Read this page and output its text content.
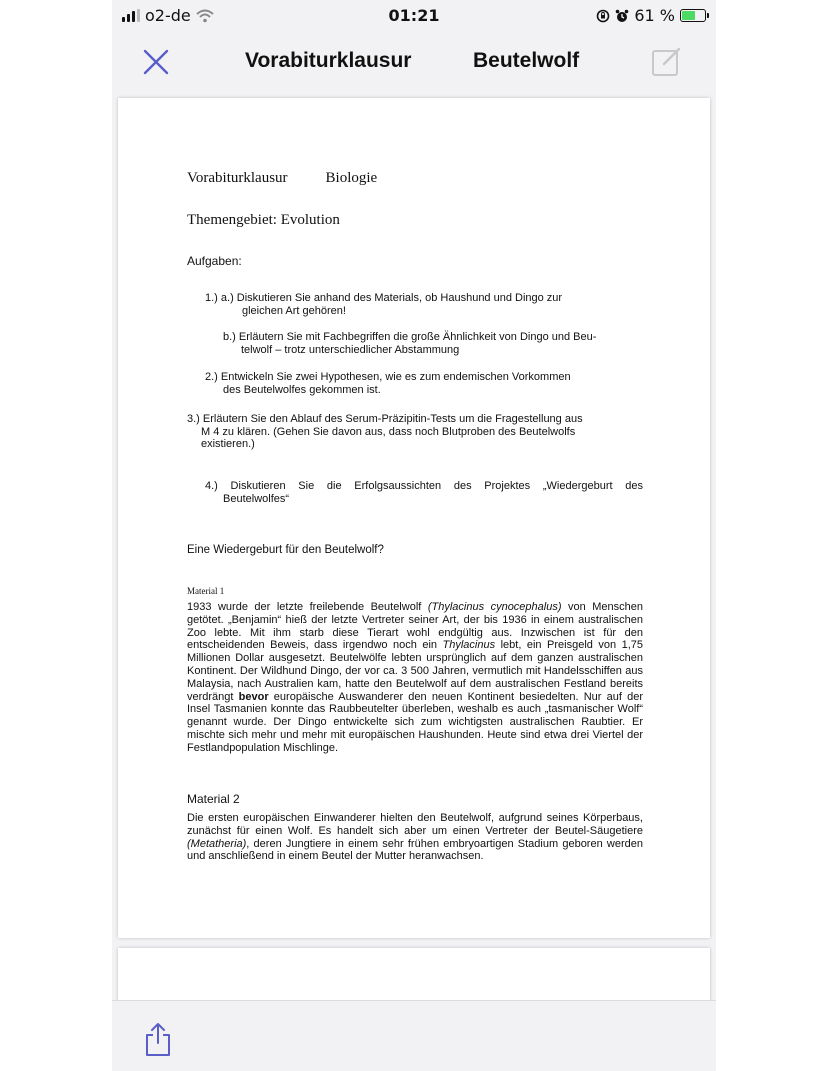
o2-de	01:21	61 %
Vorabiturklausur	Beutelwolf
Vorabiturklausur	Biologie
Themengebiet: Evolution
Aufgaben:
1.) a.) Diskutieren Sie anhand des Materials, ob Haushund und Dingo zur
gleichen Art gehören!
b.) Erläutern Sie mit Fachbegriffen die große Ähnlichkeit von Dingo und Beu-
telwolf – trotz unterschiedlicher Abstammung
2.) Entwickeln Sie zwei Hypothesen, wie es zum endemischen Vorkommen
des Beutelwolfes gekommen ist.
3.) Erläutern Sie den Ablauf des Serum-Präzipitin-Tests um die Fragestellung aus
M 4 zu klären. (Gehen Sie davon aus, dass noch Blutproben des Beutelwolfs
existieren.)
4.) Diskutieren Sie die Erfolgsaussichten des Projektes „Wiedergeburt des
Beutelwolfes“
Eine Wiedergeburt für den Beutelwolf?
Material 1

1933 wurde der letzte freilebende Beutelwolf (Thylacinus cynocephalus) von Menschen getötet. „Benjamin“ hieß der letzte Vertreter seiner Art, der bis 1936 in einem australischen Zoo lebte. Mit ihm starb diese Tierart wohl endgültig aus. Inzwischen ist für den entscheidenden Beweis, dass irgendwo noch ein Thylacinus lebt, ein Preisgeld von 1,75 Millionen Dollar ausgesetzt. Beutelwölfe lebten ursprünglich auf dem ganzen australischen Kontinent. Der Wildhund Dingo, der vor ca. 3 500 Jahren, vermutlich mit Handelsschiffen aus Malaysia, nach Australien kam, hatte den Beutelwolf auf dem australischen Festland bereits verdrängt bevor europäische Auswanderer den neuen Kontinent besiedelten. Nur auf der Insel Tasmanien konnte das Raubbeutelter überleben, weshalb es auch „tasmanischer Wolf“ genannt wurde. Der Dingo entwickelte sich zum wichtigsten australischen Raubtier. Er mischte sich mehr und mehr mit europäischen Haushunden. Heute sind etwa drei Viertel der Festlandpopulation Mischlinge.

Material 2

Die ersten europäischen Einwanderer hielten den Beutelwolf, aufgrund seines Körperbaus, zunächst für einen Wolf. Es handelt sich aber um einen Vertreter der Beutel-Säugetiere (Metatheria), deren Jungtiere in einem sehr frühen embryoartigen Stadium geboren werden und anschließend in einem Beutel der Mutter heranwachsen.
